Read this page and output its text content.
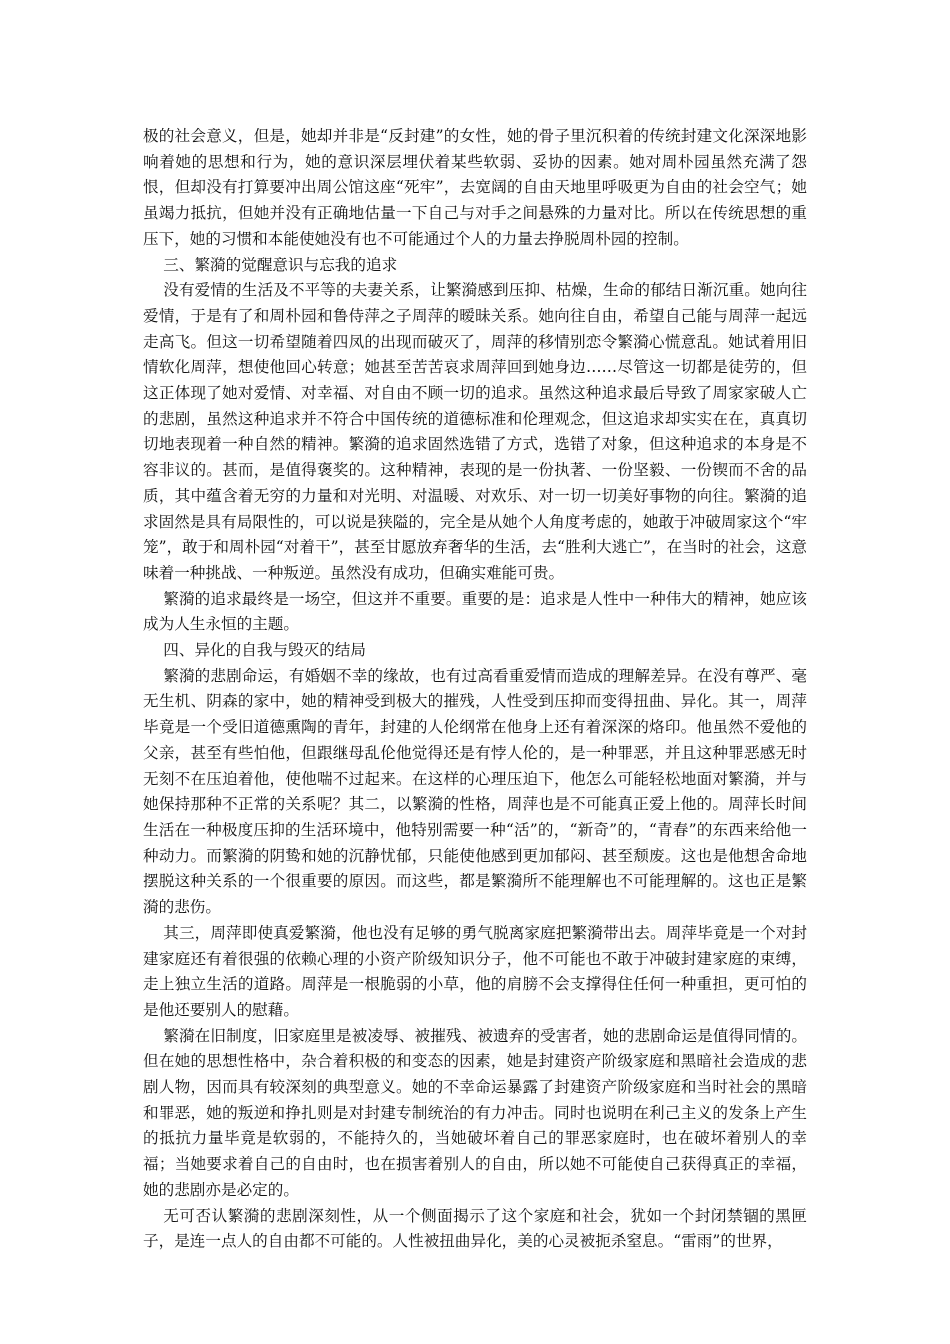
极的社会意义，但是，她却并非是“反封建”的女性，她的骨子里沉积着的传统封建文化深深地影响着她的思想和行为，她的意识深层埋伏着某些软弱、妥协的因素。她对周朴园虽然充满了怨恨，但却没有打算要冲出周公馆这座“死牢”，去宽阔的自由天地里呼吸更为自由的社会空气；她虽竭力抵抗，但她并没有正确地估量一下自己与对手之间悬殊的力量对比。所以在传统思想的重压下，她的习惯和本能使她没有也不可能通过个人的力量去挣脱周朴园的控制。

三、繁漪的觉醒意识与忘我的追求

没有爱情的生活及不平等的夫妻关系，让繁漪感到压抑、枯燥，生命的郁结日渐沉重。她向往爱情，于是有了和周朴园和鲁侍萍之子周萍的暧昧关系。她向往自由，希望自己能与周萍一起远走高飞。但这一切希望随着四凤的出现而破灭了，周萍的移情别恋令繁漪心慌意乱。她试着用旧情软化周萍，想使他回心转意；她甚至苦苦哀求周萍回到她身边……尽管这一切都是徒劳的，但这正体现了她对爱情、对幸福、对自由不顾一切的追求。虽然这种追求最后导致了周家家破人亡的悲剧，虽然这种追求并不符合中国传统的道德标准和伦理观念，但这追求却实实在在，真真切切地表现着一种自然的精神。繁漪的追求固然选错了方式，选错了对象，但这种追求的本身是不容非议的。甚而，是值得褒奖的。这种精神，表现的是一份执著、一份坚毅、一份锲而不舍的品质，其中蕴含着无穷的力量和对光明、对温暖、对欢乐、对一切一切美好事物的向往。繁漪的追求固然是具有局限性的，可以说是狭隘的，完全是从她个人角度考虑的，她敢于冲破周家这个“牢笼”，敢于和周朴园“对着干”，甚至甘愿放弃奢华的生活，去“胜利大逃亡”，在当时的社会，这意味着一种挑战、一种叛逆。虽然没有成功，但确实难能可贵。

繁漪的追求最终是一场空，但这并不重要。重要的是：追求是人性中一种伟大的精神，她应该成为人生永恒的主题。

四、异化的自我与毁灭的结局

繁漪的悲剧命运，有婚姻不幸的缘故，也有过高看重爱情而造成的理解差异。在没有尊严、毫无生机、阴森的家中，她的精神受到极大的摧残，人性受到压抑而变得扭曲、异化。其一，周萍毕竟是一个受旧道德熏陶的青年，封建的人伦纲常在他身上还有着深深的烙印。他虽然不爱他的父亲，甚至有些怕他，但跟继母乱伦他觉得还是有悖人伦的，是一种罪恶，并且这种罪恶感无时无刻不在压迫着他，使他喘不过起来。在这样的心理压迫下，他怎么可能轻松地面对繁漪，并与她保持那种不正常的关系呢？其二，以繁漪的性格，周萍也是不可能真正爱上他的。周萍长时间生活在一种极度压抑的生活环境中，他特别需要一种“活”的，“新奇”的，“青春”的东西来给他一种动力。而繁漪的阴鸷和她的沉静忧郁，只能使他感到更加郁闷、甚至颓废。这也是他想舍命地摆脱这种关系的一个很重要的原因。而这些，都是繁漪所不能理解也不可能理解的。这也正是繁漪的悲伤。

其三，周萍即使真爱繁漪，他也没有足够的勇气脱离家庭把繁漪带出去。周萍毕竟是一个对封建家庭还有着很强的依赖心理的小资产阶级知识分子，他不可能也不敢于冲破封建家庭的束缚，走上独立生活的道路。周萍是一根脆弱的小草，他的肩膀不会支撑得住任何一种重担，更可怕的是他还要别人的慰藉。

繁漪在旧制度，旧家庭里是被凌辱、被摧残、被遗弃的受害者，她的悲剧命运是值得同情的。但在她的思想性格中，杂合着积极的和变态的因素，她是封建资产阶级家庭和黑暗社会造成的悲剧人物，因而具有较深刻的典型意义。她的不幸命运暴露了封建资产阶级家庭和当时社会的黑暗和罪恶，她的叛逆和挣扎则是对封建专制统治的有力冲击。同时也说明在利己主义的发条上产生的抵抗力量毕竟是软弱的，不能持久的，当她破坏着自己的罪恶家庭时，也在破坏着别人的幸福；当她要求着自己的自由时，也在损害着别人的自由，所以她不可能使自己获得真正的幸福，她的悲剧亦是必定的。

无可否认繁漪的悲剧深刻性，从一个侧面揭示了这个家庭和社会，犹如一个封闭禁锢的黑匣子，是连一点人的自由都不可能的。人性被扭曲异化，美的心灵被扼杀窒息。“雷雨”的世界，
